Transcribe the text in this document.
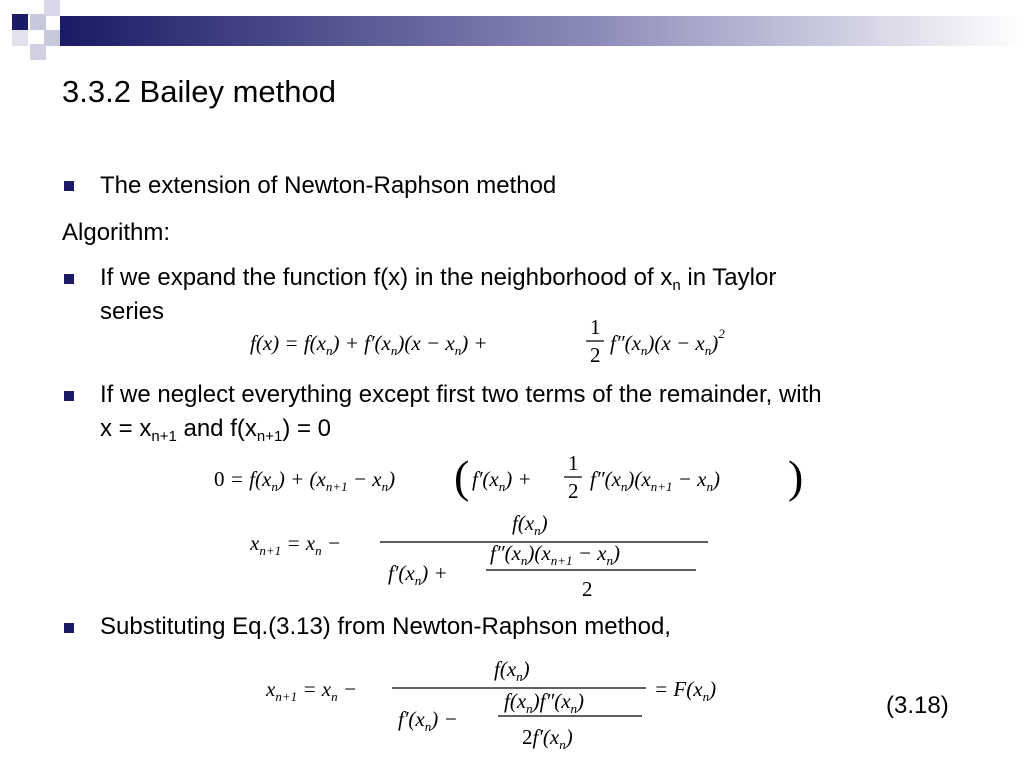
3.3.2 Bailey method
The extension of Newton-Raphson method
Algorithm:
If we expand the function f(x) in the neighborhood of $x_n$ in Taylor
series
$f(x) = f(x_n) + f'(x_n)(x - x_n)$ +
1
2 $f''(x_n)(x - x_n)^2$
If we neglect everything except first two terms of the remainder, with
$x = x_{n+1}$ and $f(x_{n+1}) = 0$
$0 = f(x_n) + (x_{n+1} - x_n)$ ( $f'(x_n)$ +
1
2 $f''(x_n)(x_{n+1} - x_n)$ )
$x_{n+1} = x_n$ −
$f(x_n)$
$f'(x_n)$ +
$f''(x_n)(x_{n+1} - x_n)$
2
Substituting Eq.(3.13) from Newton-Raphson method,
$x_{n+1} = x_n$ −
$f(x_n)$
$f'(x_n)$ −
$f(x_n)f''(x_n)$
$2f'(x_n)$
= $F(x_n)$
(3.18)
